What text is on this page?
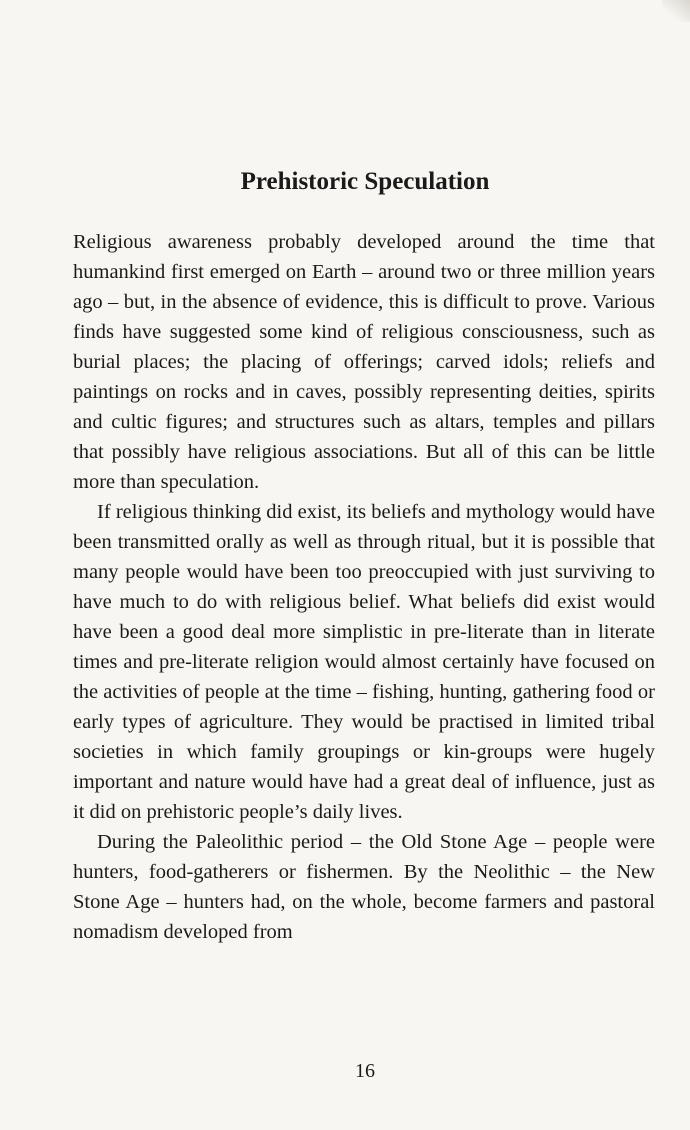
Prehistoric Speculation

Religious awareness probably developed around the time that humankind first emerged on Earth – around two or three million years ago – but, in the absence of evidence, this is difficult to prove. Various finds have suggested some kind of religious consciousness, such as burial places; the placing of offerings; carved idols; reliefs and paintings on rocks and in caves, possibly representing deities, spirits and cultic figures; and structures such as altars, temples and pillars that possibly have religious associations. But all of this can be little more than speculation.

If religious thinking did exist, its beliefs and mythology would have been transmitted orally as well as through ritual, but it is possible that many people would have been too preoccupied with just surviving to have much to do with religious belief. What beliefs did exist would have been a good deal more simplistic in pre-literate than in literate times and pre-literate religion would almost certainly have focused on the activities of people at the time – fishing, hunting, gathering food or early types of agriculture. They would be practised in limited tribal societies in which family groupings or kin-groups were hugely important and nature would have had a great deal of influence, just as it did on prehistoric people’s daily lives.

During the Paleolithic period – the Old Stone Age – people were hunters, food-gatherers or fishermen. By the Neolithic – the New Stone Age – hunters had, on the whole, become farmers and pastoral nomadism developed from

16
